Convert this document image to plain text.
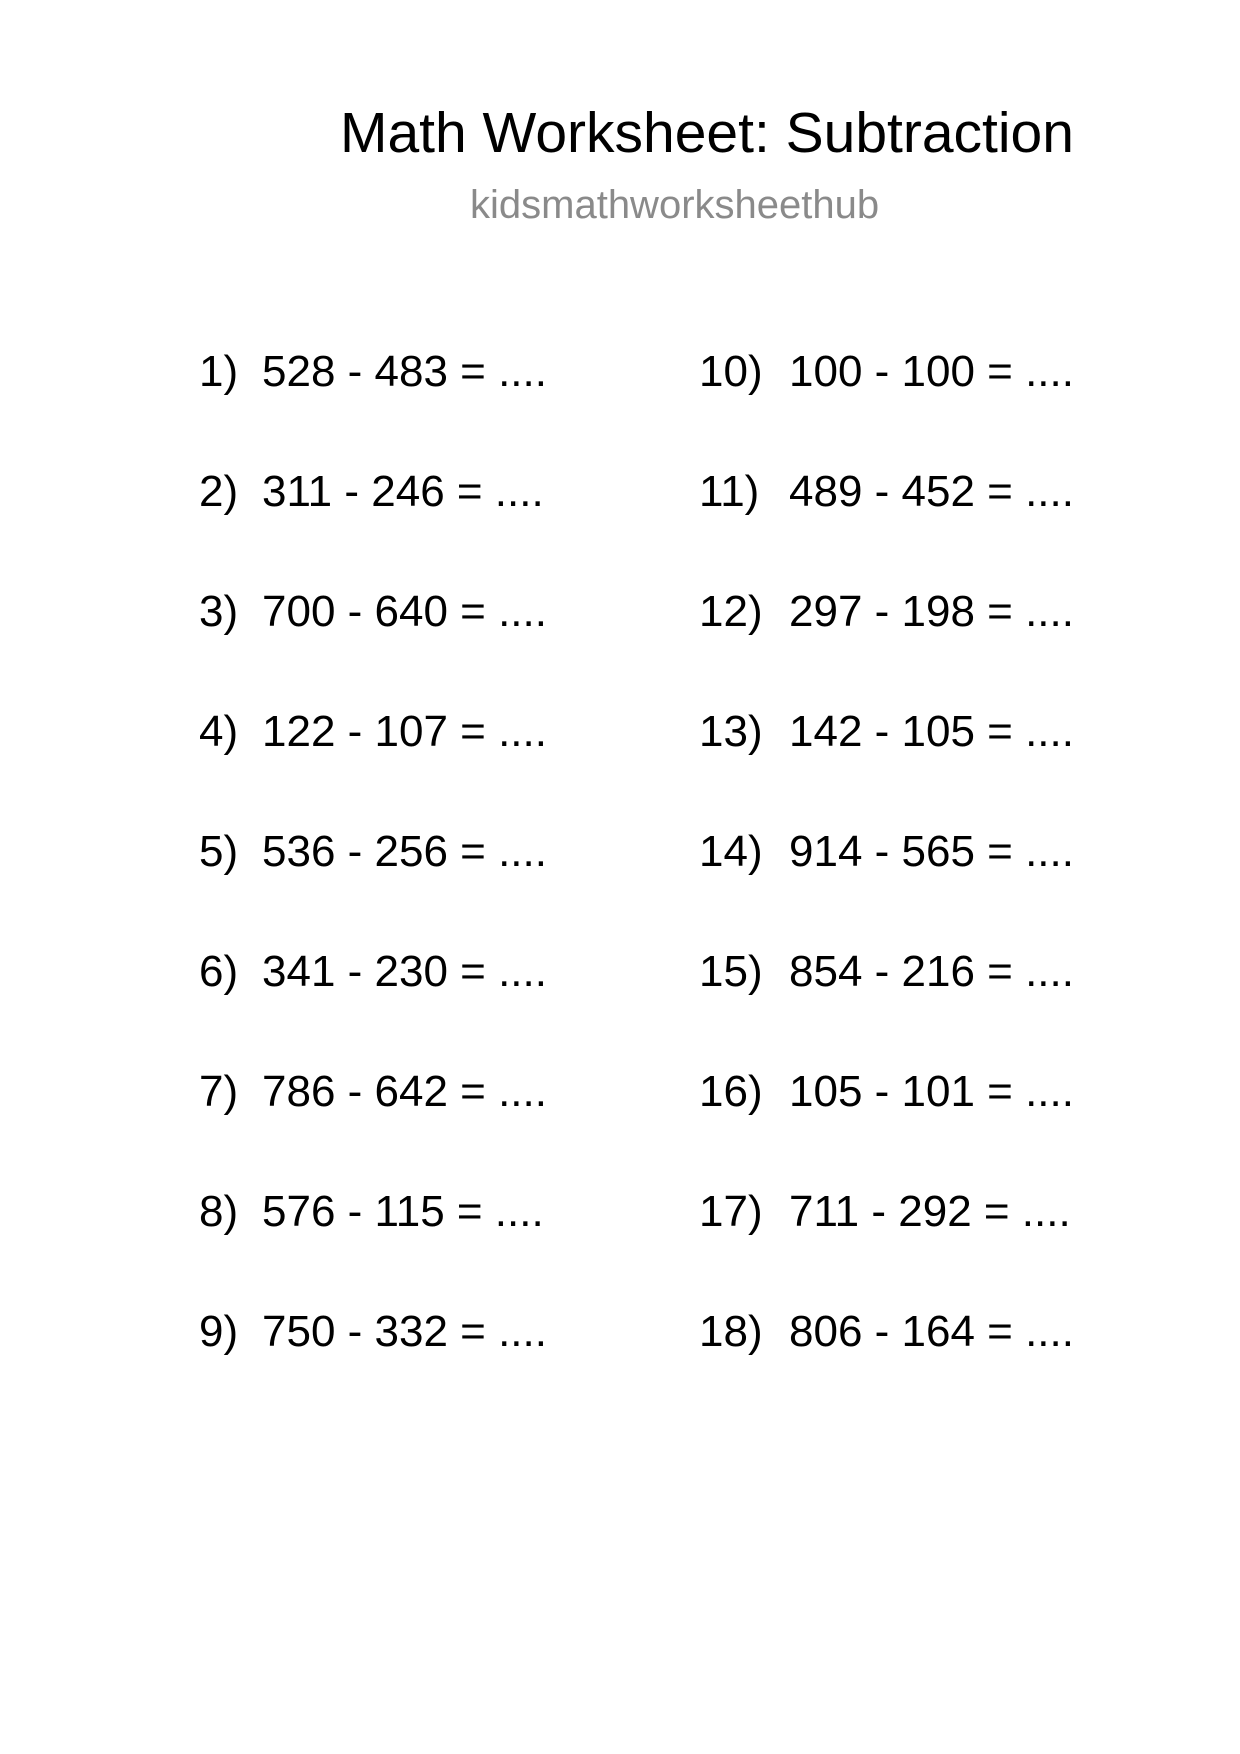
Math Worksheet: Subtraction
kidsmathworksheethub
1) 528 - 483 = ....
2) 311 - 246 = ....
3) 700 - 640 = ....
4) 122 - 107 = ....
5) 536 - 256 = ....
6) 341 - 230 = ....
7) 786 - 642 = ....
8) 576 - 115 = ....
9) 750 - 332 = ....
10) 100 - 100 = ....
11) 489 - 452 = ....
12) 297 - 198 = ....
13) 142 - 105 = ....
14) 914 - 565 = ....
15) 854 - 216 = ....
16) 105 - 101 = ....
17) 711 - 292 = ....
18) 806 - 164 = ....
